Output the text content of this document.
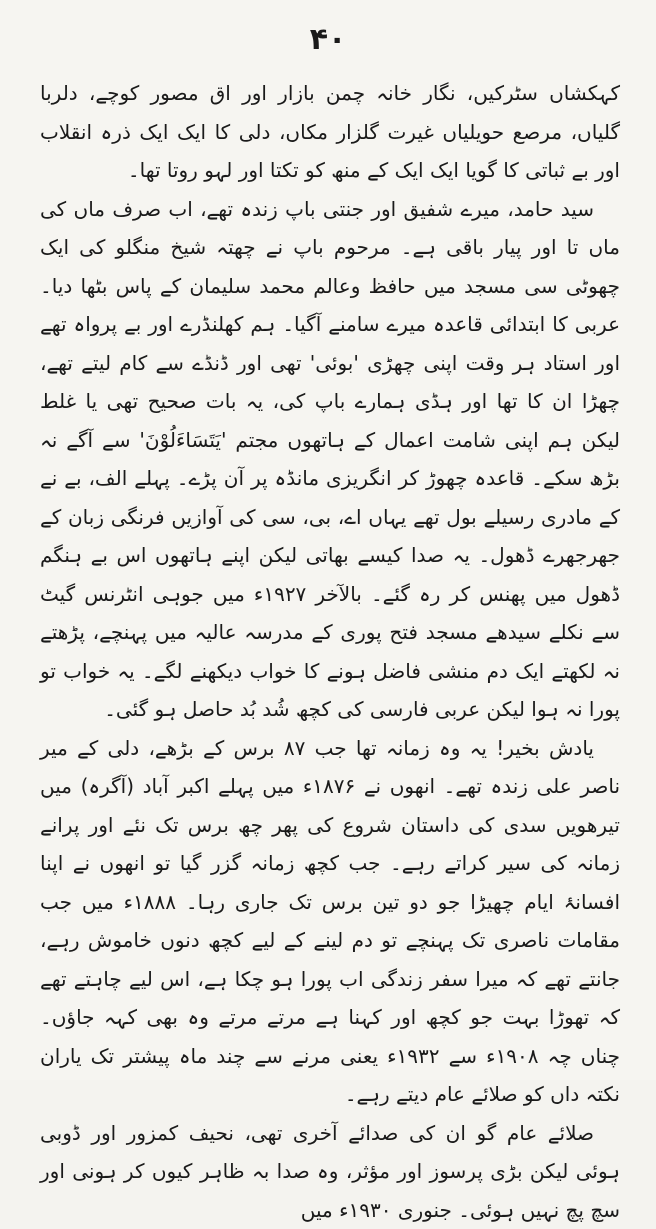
۴۰

کہکشاں سٹرکیں، نگار خانہ چمن بازار اور اق مصور کوچے، دلربا گلیاں، مرصع حویلیاں غیرت گلزار مکاں، دلی کا ایک ایک ذرہ انقلاب اور بے ثباتی کا گویا ایک ایک کے منھ کو تکتا اور لہو روتا تھا۔

سید حامد، میرے شفیق اور جنتی باپ زندہ تھے، اب صرف ماں کی ماں تا اور پیار باقی ہے۔ مرحوم باپ نے چھتہ شیخ منگلو کی ایک چھوٹی سی مسجد میں حافظ وعالم محمد سلیمان کے پاس بٹھا دیا۔ عربی کا ابتدائی قاعدہ میرے سامنے آگیا۔ ہم کھلنڈرے اور بے پرواہ تھے اور استاد ہر وقت اپنی چھڑی 'بوئی' تھی اور ڈنڈے سے کام لیتے تھے، چھڑا ان کا تھا اور ہڈی ہمارے باپ کی، یہ بات صحیح تھی یا غلط لیکن ہم اپنی شامت اعمال کے ہاتھوں مجتم 'یَتَسَاءَلُوْنَ' سے آگے نہ بڑھ سکے۔ قاعدہ چھوڑ کر انگریزی مانڈہ پر آن پڑے۔ پہلے الف، بے نے کے مادری رسیلے بول تھے یہاں اے، بی، سی کی آوازیں فرنگی زبان کے جھرجھرے ڈھول۔ یہ صدا کیسے بھاتی لیکن اپنے ہاتھوں اس بے ہنگم ڈھول میں پھنس کر رہ گئے۔ بالآخر ۱۹۲۷ء میں جوہی انٹرنس گیٹ سے نکلے سیدھے مسجد فتح پوری کے مدرسہ عالیہ میں پہنچے، پڑھتے نہ لکھتے ایک دم منشی فاضل ہونے کا خواب دیکھنے لگے۔ یہ خواب تو پورا نہ ہوا لیکن عربی فارسی کی کچھ شُد بُد حاصل ہو گئی۔

یادش بخیر! یہ وہ زمانہ تھا جب ۸۷ برس کے بڑھے، دلی کے میر ناصر علی زندہ تھے۔ انھوں نے ۱۸۷۶ء میں پہلے اکبر آباد (آگرہ) میں تیرھویں سدی کی داستان شروع کی پھر چھ برس تک نئے اور پرانے زمانہ کی سیر کراتے رہے۔ جب کچھ زمانہ گزر گیا تو انھوں نے اپنا افسانۂ ایام چھیڑا جو دو تین برس تک جاری رہا۔ ۱۸۸۸ء میں جب مقامات ناصری تک پہنچے تو دم لینے کے لیے کچھ دنوں خاموش رہے، جانتے تھے کہ میرا سفر زندگی اب پورا ہو چکا ہے، اس لیے چاہتے تھے کہ تھوڑا بہت جو کچھ اور کہنا ہے مرتے مرتے وہ بھی کہہ جاؤں۔ چناں چہ ۱۹۰۸ء سے ۱۹۳۲ء یعنی مرنے سے چند ماہ پیشتر تک یاران نکتہ داں کو صلائے عام دیتے رہے۔

صلائے عام گو ان کی صدائے آخری تھی، نحیف کمزور اور ڈوبی ہوئی لیکن بڑی پرسوز اور مؤثر، وہ صدا بہ ظاہر کیوں کر ہونی اور سچ پچ نہیں ہوئی۔ جنوری ۱۹۳۰ء میں
